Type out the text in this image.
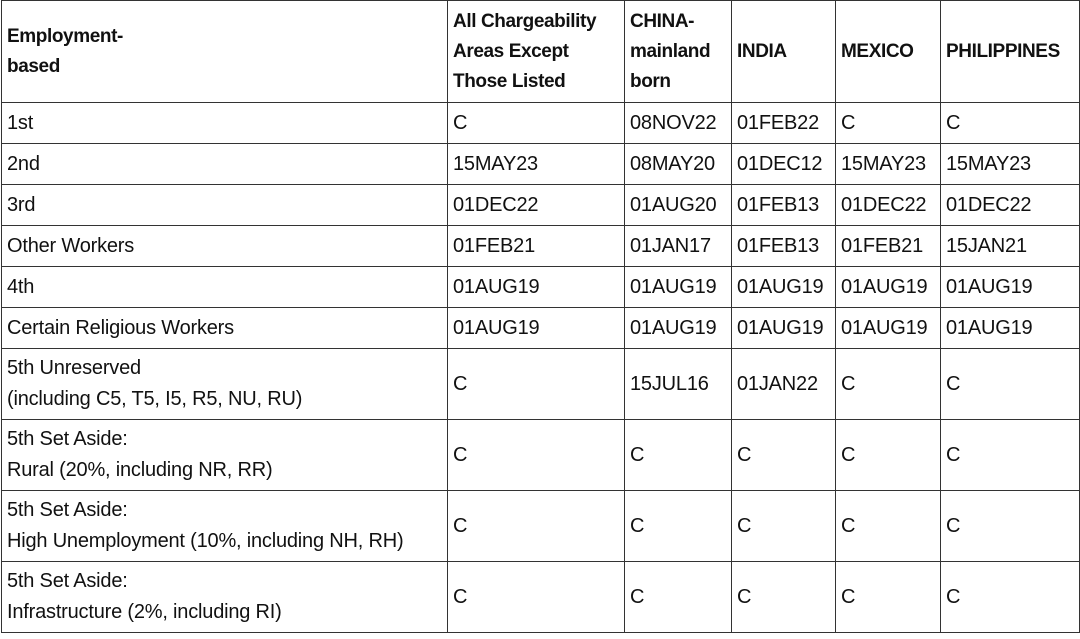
Employment-
based	All Chargeability
Areas Except
Those Listed	CHINA-
mainland
born	INDIA	MEXICO	PHILIPPINES

1st	C	08NOV22	01FEB22	C	C

2nd	15MAY23	08MAY20	01DEC12	15MAY23	15MAY23

3rd	01DEC22	01AUG20	01FEB13	01DEC22	01DEC22

Other Workers	01FEB21	01JAN17	01FEB13	01FEB21	15JAN21

4th	01AUG19	01AUG19	01AUG19	01AUG19	01AUG19

Certain Religious Workers	01AUG19	01AUG19	01AUG19	01AUG19	01AUG19

5th Unreserved
(including C5, T5, I5, R5, NU, RU)	C	15JUL16	01JAN22	C	C

5th Set Aside:
Rural (20%, including NR, RR)	C	C	C	C	C

5th Set Aside:
High Unemployment (10%, including NH, RH)	C	C	C	C	C

5th Set Aside:
Infrastructure (2%, including RI)	C	C	C	C	C
